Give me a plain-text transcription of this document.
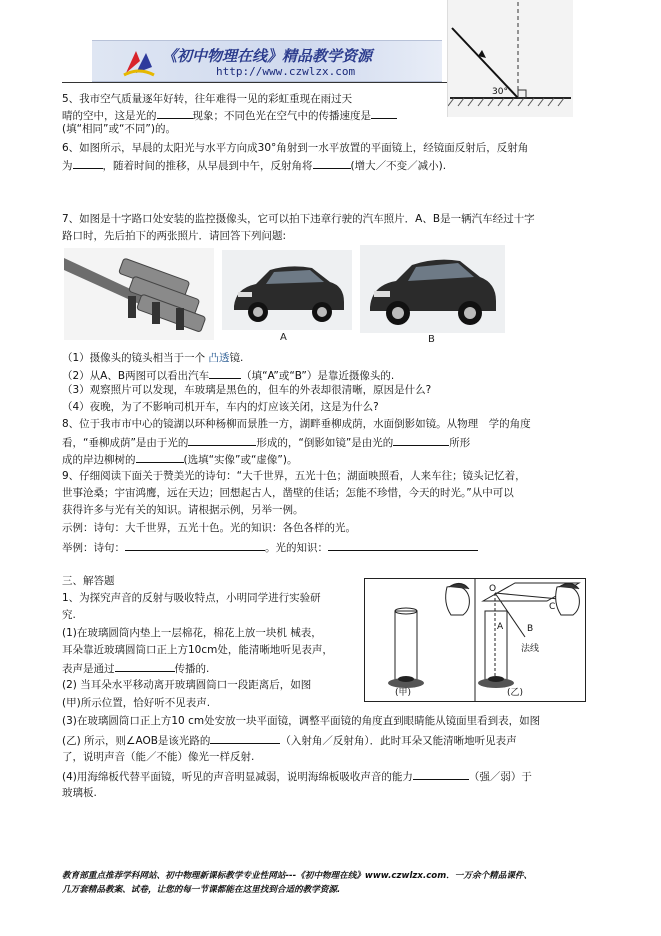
《初中物理在线》精品教学资源
http://www.czwlzx.com
30°
5、我市空气质量逐年好转，往年难得一见的彩虹重现在雨过天
晴的空中，这是光的	现象；不同色光在空气中的传播速度是
(填“相同”或“不同”)的。
6、如图所示，早晨的太阳光与水平方向成30°角射到一水平放置的平面镜上，经镜面反射后，反射角
为	，随着时间的推移，从早晨到中午，反射角将	(增大／不变／减小).
7、如图是十字路口处安装的监控摄像头，它可以拍下违章行驶的汽车照片．A、B是一辆汽车经过十字
路口时，先后拍下的两张照片．请回答下列问题:
A	B
（1）摄像头的镜头相当于一个 凸透镜.
（2）从A、B两图可以看出汽车	（填“A”或“B”）是靠近摄像头的.
（3）观察照片可以发现，车玻璃是黑色的，但车的外表却很清晰，原因是什么?
（4）夜晚，为了不影响司机开车，车内的灯应该关闭，这是为什么?
8、位于我市市中心的镜湖以环种杨柳而景胜一方，湖畔垂柳成荫，水面倒影如镜。从物理　学的角度
看，“垂柳成荫”是由于光的	形成的，“倒影如镜”是由光的	所形
成的岸边柳树的	(选填“实像”或“虚像”)。
9、仔细阅读下面关于赞美光的诗句：“大千世界，五光十色；湖面映照看，人来车往；镜头记忆着，
世事沧桑；宇宙鸿鹰，远在天边；回想起古人，凿壁的佳话；怎能不珍惜，今天的时光。”从中可以
获得许多与光有关的知识。请根据示例，另举一例。
示例：诗句：大千世界，五光十色。光的知识：各色各样的光。
举例：诗句：	。光的知识：
三、解答题
1、为探究声音的反射与吸收特点，小明同学进行实验研
究.
(1)在玻璃圆筒内垫上一层棉花，棉花上放一块机 械表，
耳朵靠近玻璃圆筒口正上方10cm处，能清晰地听见表声，
表声是通过	传播的.
(2) 当耳朵水平移动离开玻璃圆筒口一段距离后，如图
(甲)所示位置，恰好听不见表声.
(3)在玻璃圆筒口正上方10 cm处安放一块平面镜，调整平面镜的角度直到眼睛能从镜面里看到表，如图
(乙) 所示，则∠AOB是该光路的	（入射角／反射角）．此时耳朵又能清晰地听见表声
了，说明声音（能／不能）像光一样反射.
(4)用海绵板代替平面镜，听见的声音明显减弱，说明海绵板吸收声音的能力	（强／弱）于
玻璃板.
(甲)	(乙)
O
A	B
C
法线
教育部重点推荐学科网站、初中物理新课标教学专业性网站---《初中物理在线》www.czwlzx.com．一万余个精品课件、
几万套精品教案、试卷，让您的每一节课都能在这里找到合适的教学资源.
